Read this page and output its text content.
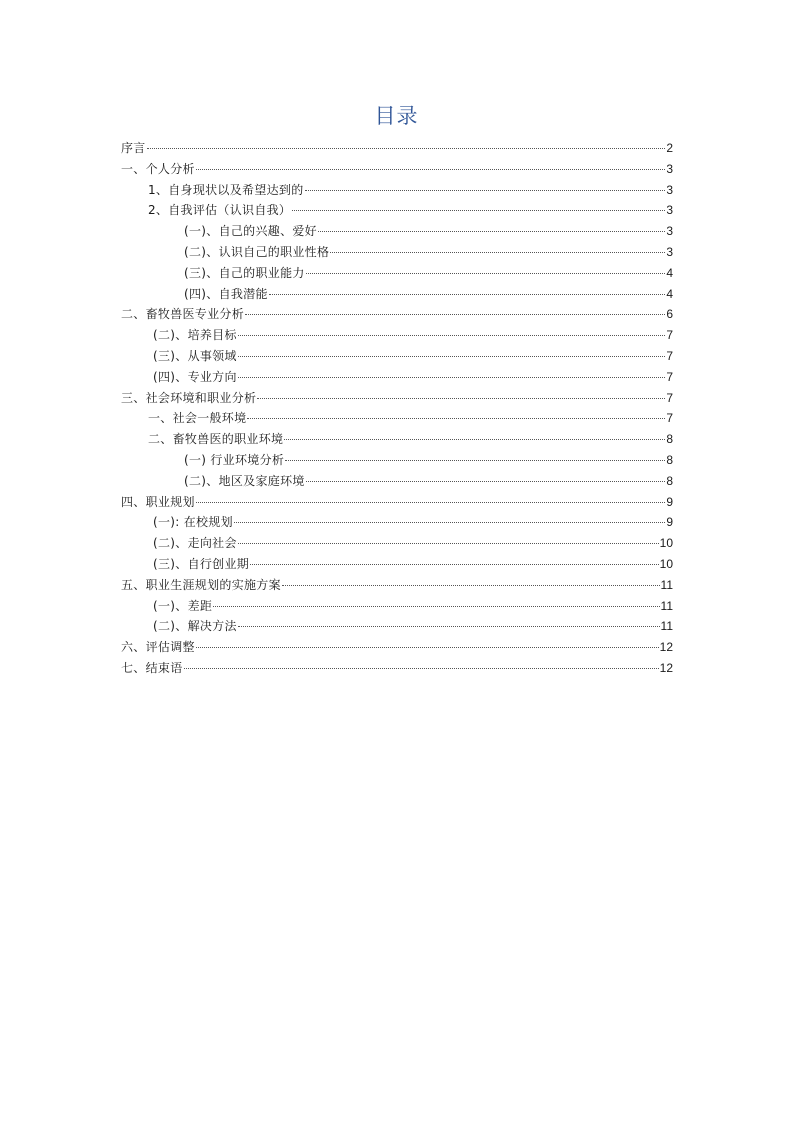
目录
序言	2
一、个人分析	3
1、自身现状以及希望达到的	3
2、自我评估（认识自我）	3
(一)、自己的兴趣、爱好	3
(二)、认识自己的职业性格	3
(三)、自己的职业能力	4
(四)、自我潜能	4
二、畜牧兽医专业分析	6
(二)、培养目标	7
(三)、从事领域	7
(四)、专业方向	7
三、社会环境和职业分析	7
一、社会一般环境	7
二、畜牧兽医的职业环境	8
(一) 行业环境分析	8
(二)、地区及家庭环境	8
四、职业规划	9
(一): 在校规划	9
(二)、走向社会	10
(三)、自行创业期	10
五、职业生涯规划的实施方案	11
(一)、差距	11
(二)、解决方法	11
六、评估调整	12
七、结束语	12
